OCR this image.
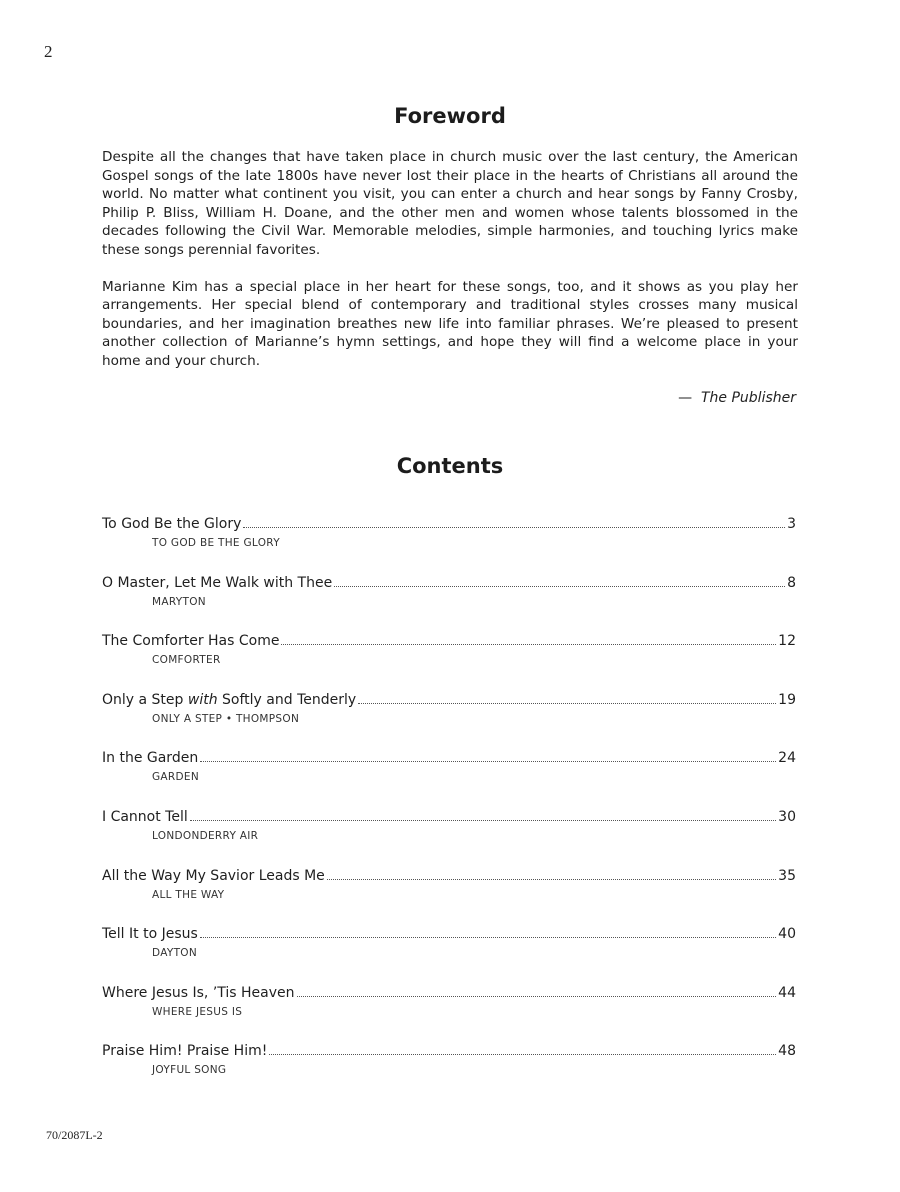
2
Foreword

Despite all the changes that have taken place in church music over the last century, the American Gospel songs of the late 1800s have never lost their place in the hearts of Christians all around the world. No matter what continent you visit, you can enter a church and hear songs by Fanny Crosby, Philip P. Bliss, William H. Doane, and the other men and women whose talents blossomed in the decades following the Civil War. Memorable melodies, simple harmonies, and touching lyrics make these songs perennial favorites.

Marianne Kim has a special place in her heart for these songs, too, and it shows as you play her arrangements. Her special blend of contemporary and traditional styles crosses many musical boundaries, and her imagination breathes new life into familiar phrases. We’re pleased to present another collection of Marianne’s hymn settings, and hope they will find a welcome place in your home and your church.

— The Publisher
Contents
To God Be the Glory	3
TO GOD BE THE GLORY
O Master, Let Me Walk with Thee	8
MARYTON
The Comforter Has Come	12
COMFORTER
Only a Step with Softly and Tenderly	19
ONLY A STEP • THOMPSON
In the Garden	24
GARDEN
I Cannot Tell	30
LONDONDERRY AIR
All the Way My Savior Leads Me	35
ALL THE WAY
Tell It to Jesus	40
DAYTON
Where Jesus Is, ’Tis Heaven	44
WHERE JESUS IS
Praise Him! Praise Him!	48
JOYFUL SONG
70/2087L-2
